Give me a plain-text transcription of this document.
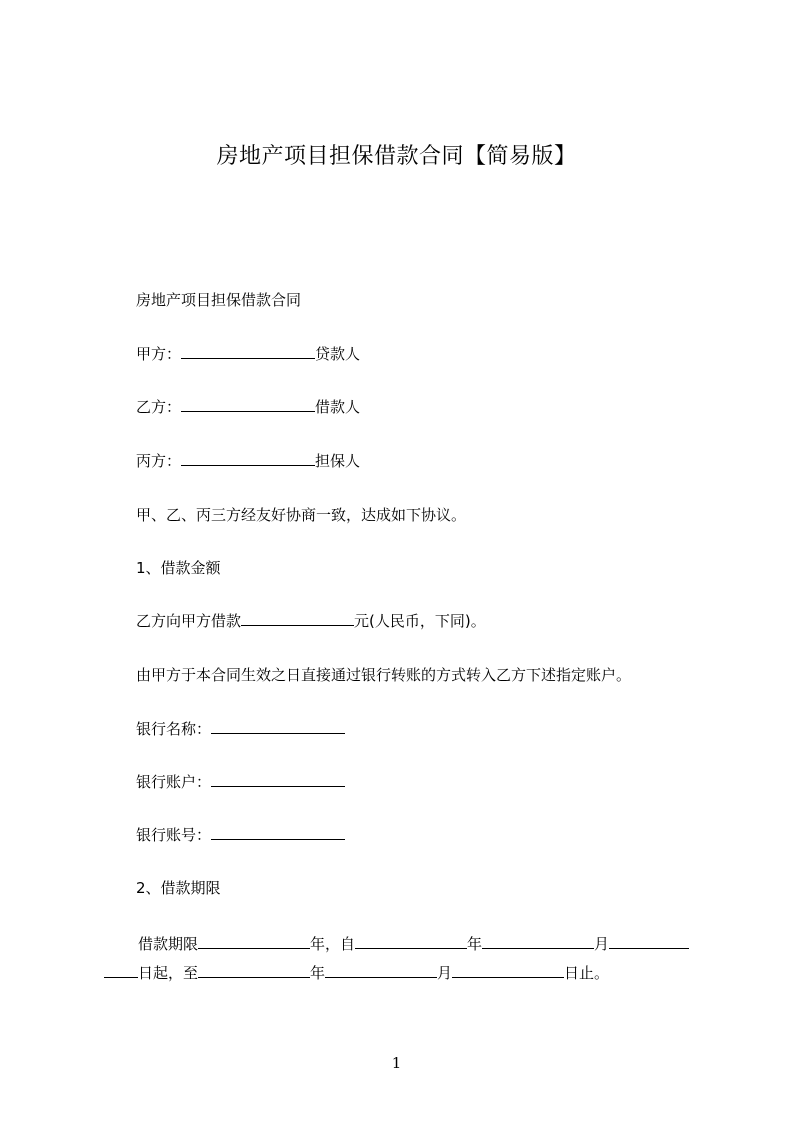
房地产项目担保借款合同【简易版】
房地产项目担保借款合同
甲方：	贷款人
乙方：	借款人
丙方：	担保人
甲、乙、丙三方经友好协商一致，达成如下协议。
1、借款金额
乙方向甲方借款	元(人民币，下同)。
由甲方于本合同生效之日直接通过银行转账的方式转入乙方下述指定账户。
银行名称：
银行账户：
银行账号：
2、借款期限
借款期限	年，自	年	月
日起，至	年	月	日止。
1
